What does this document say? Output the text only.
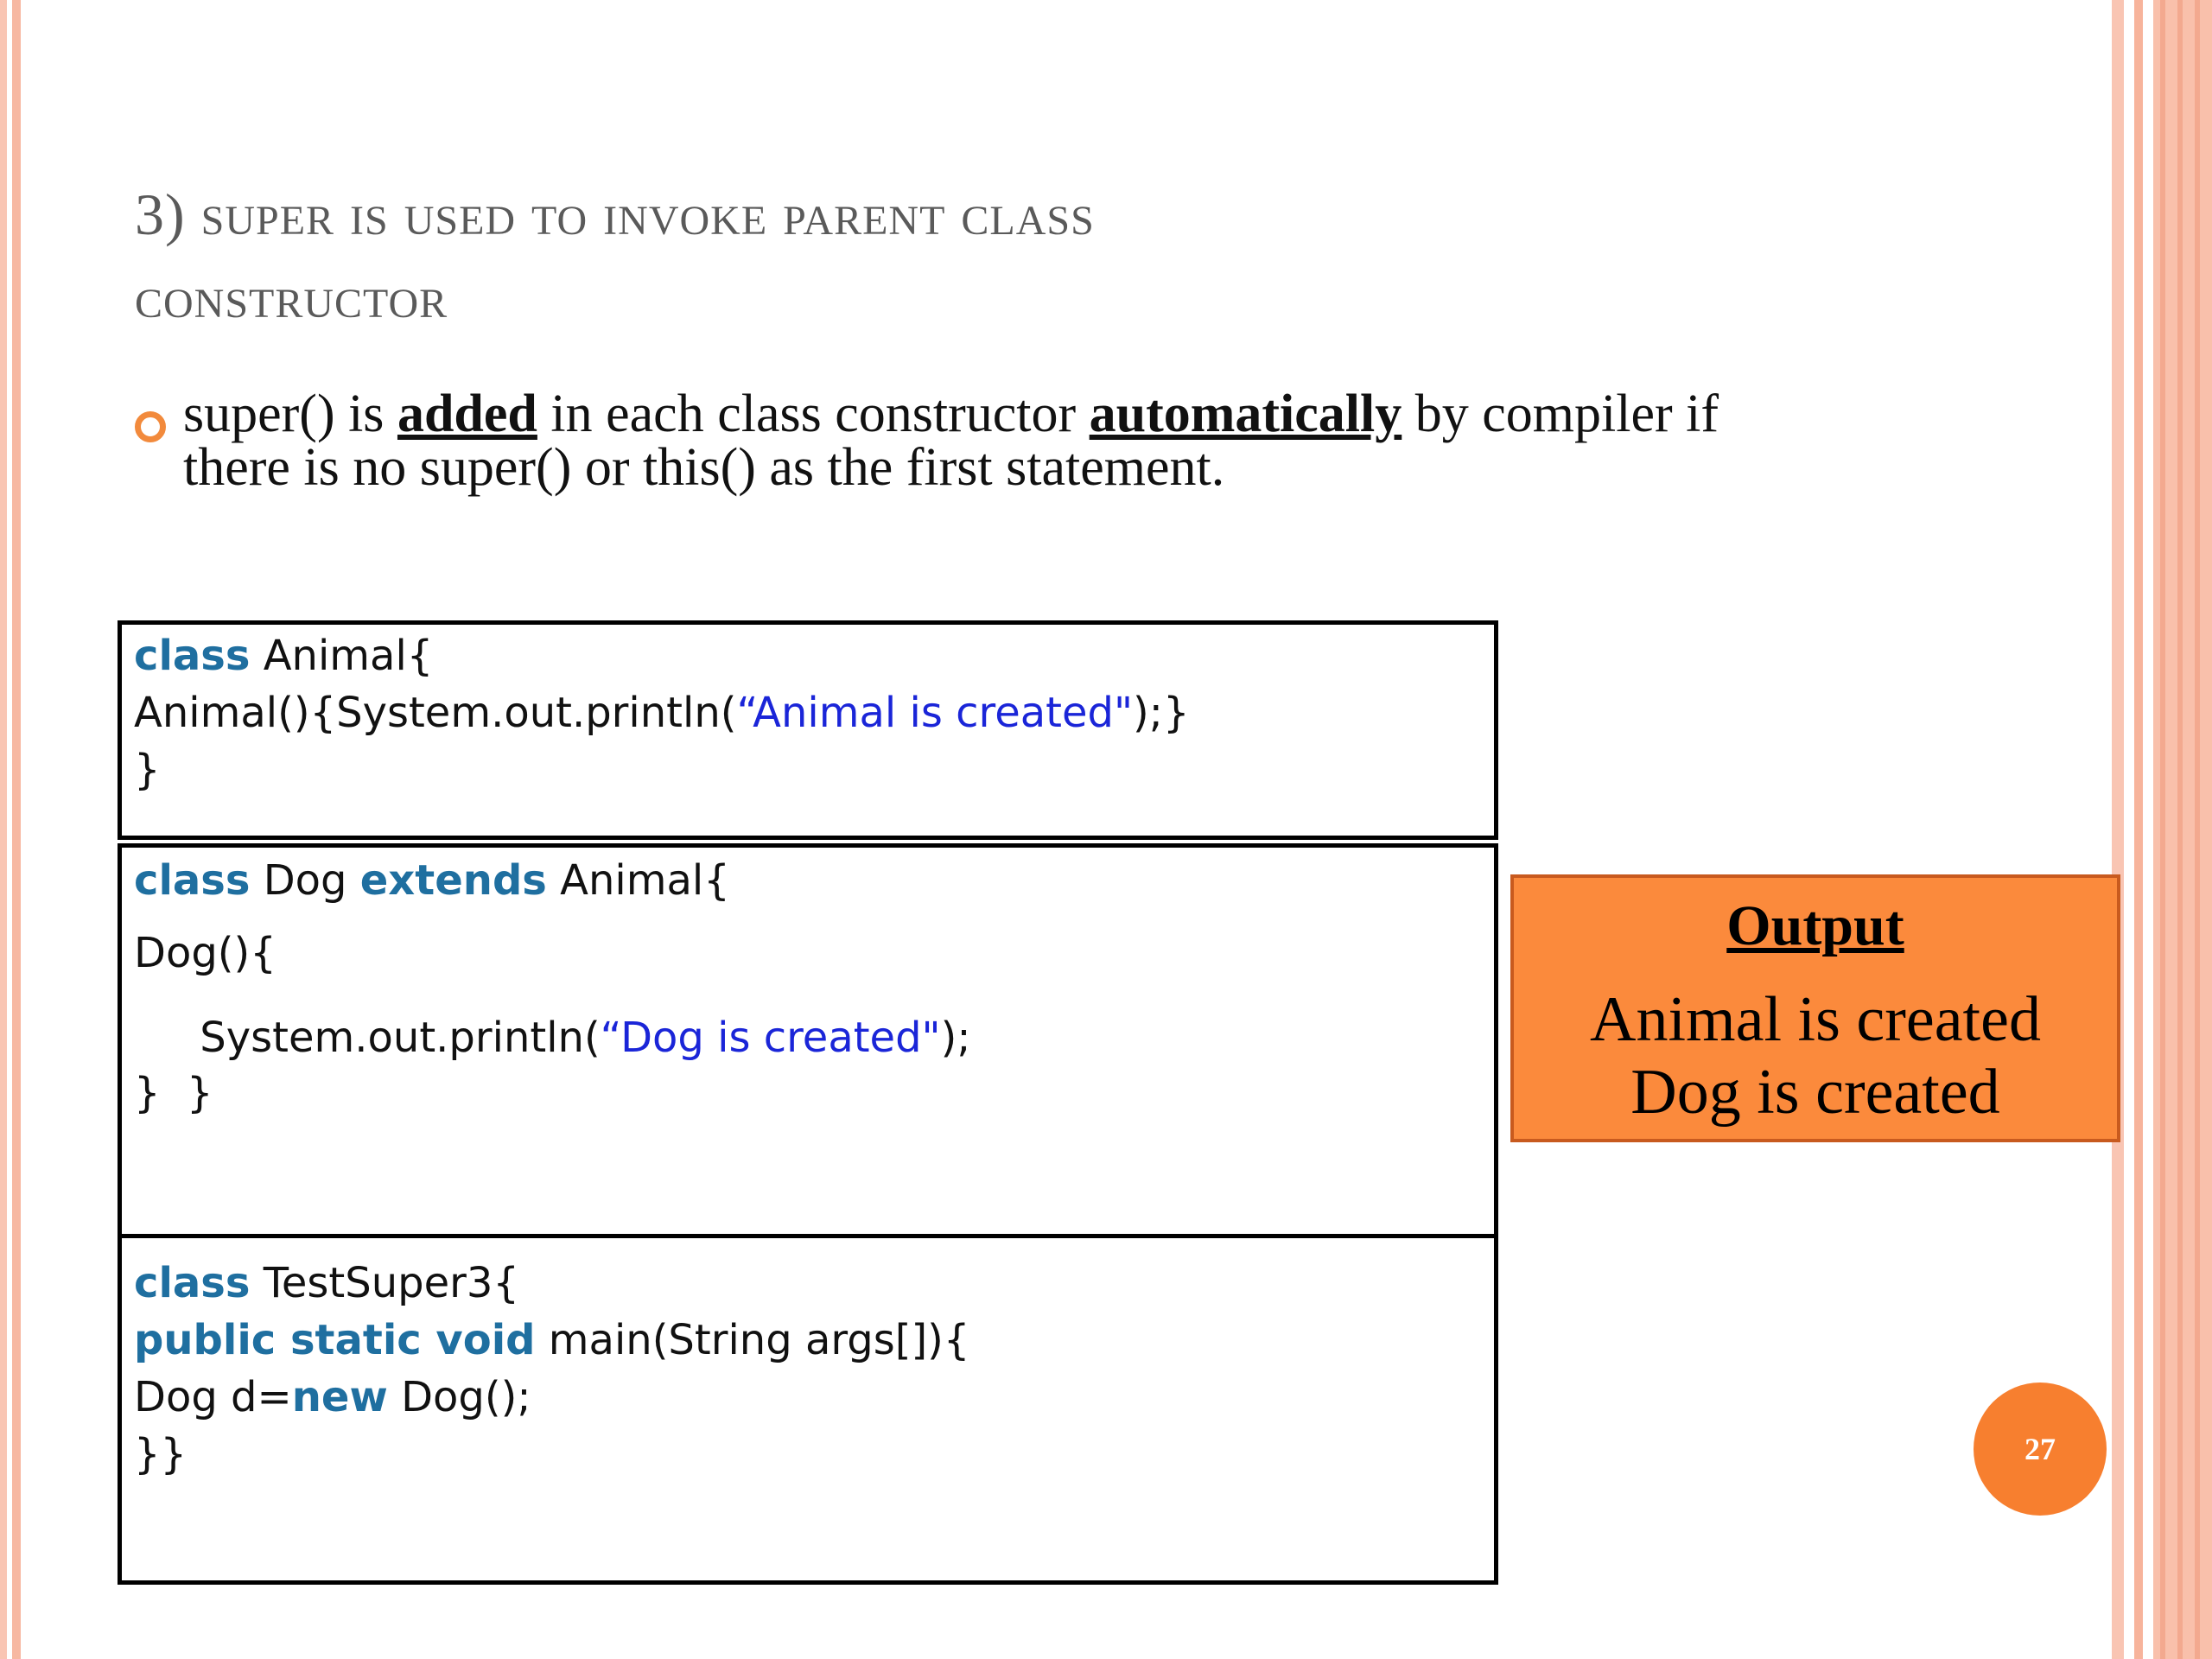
3) super is used to invoke parent class
constructor
super() is added in each class constructor automatically by compiler if
there is no super() or this() as the first statement.
class Animal{
Animal(){System.out.println(“Animal is created");}
}
class Dog extends Animal{
Dog(){
System.out.println(“Dog is created");
}  }
class TestSuper3{
public static void main(String args[]){
Dog d=new Dog();
}}
Output
Animal is created
Dog is created
27
